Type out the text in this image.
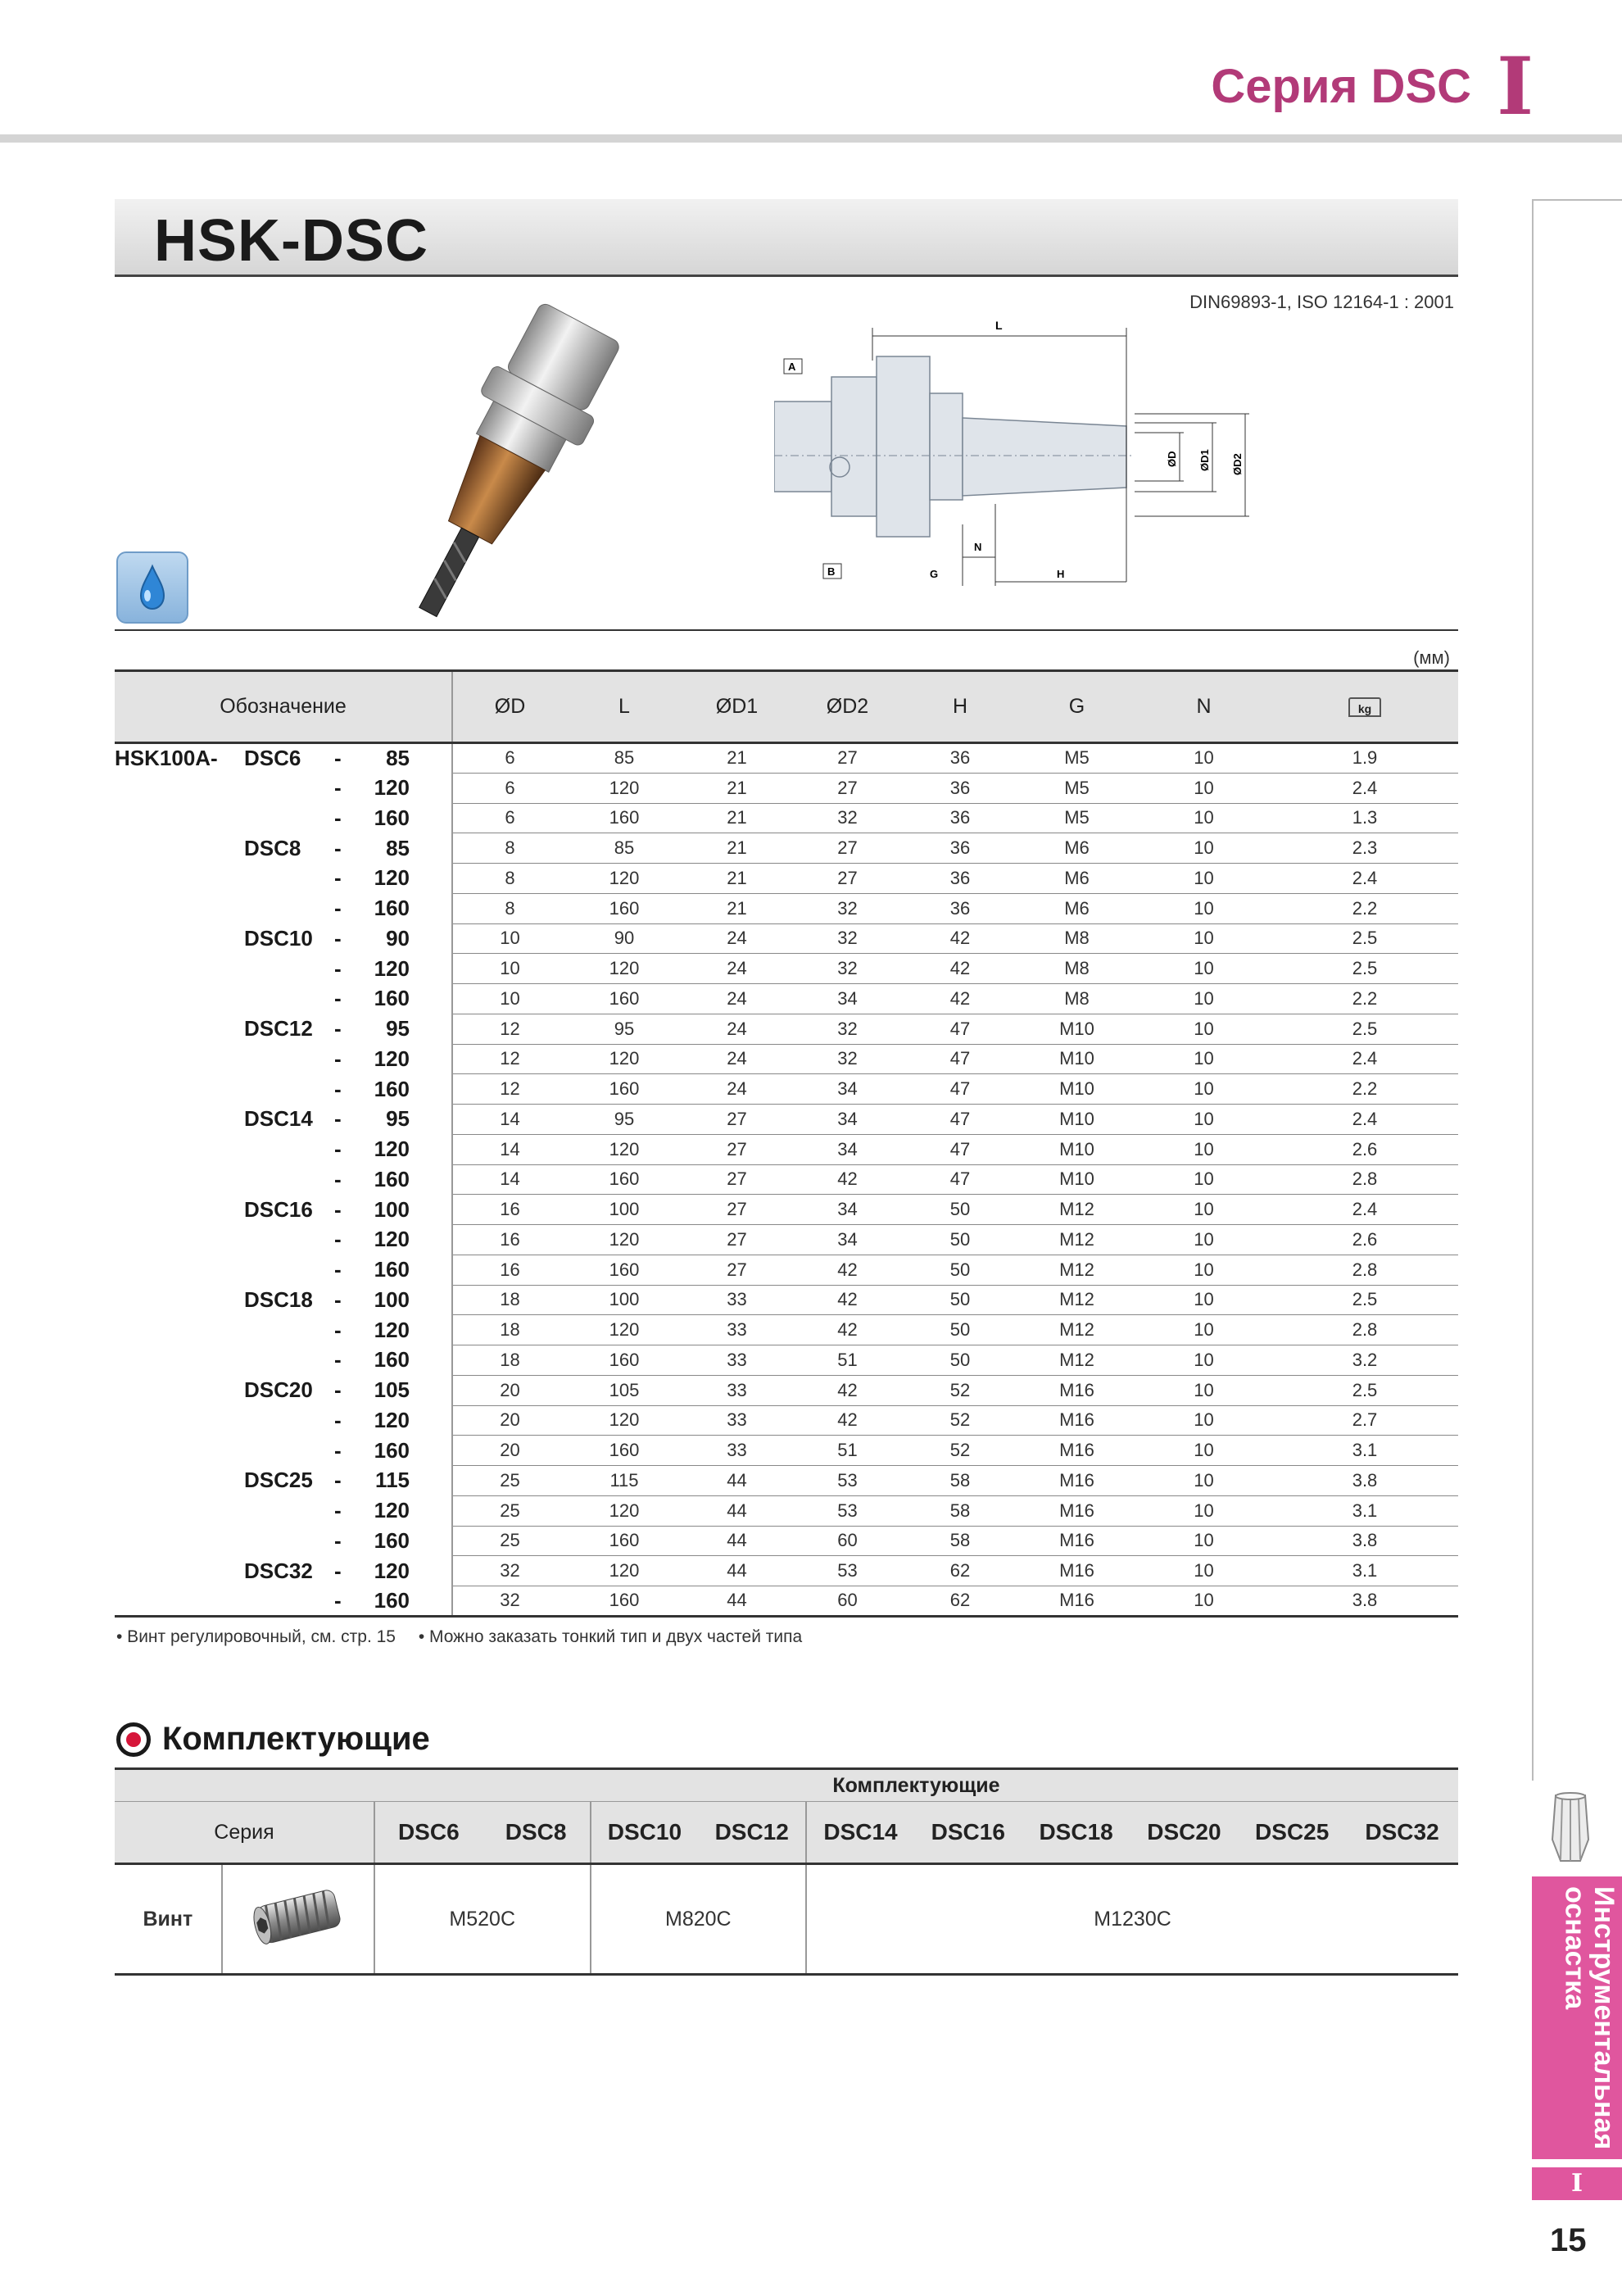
Серия DSC I
Инструментальная оснастка
I
15
HSK-DSC
DIN69893-1, ISO 12164-1 : 2001
L
A
B
N
G	H
ØD ØD1 ØD2
(мм)
Обозначение	ØD	L	ØD1	ØD2	H	G	N	kg

HSK100A- DSC6 - 85	6	85	21	27	36	M5	10	1.9

- 120	6	120	21	27	36	M5	10	2.4

- 160	6	160	21	32	36	M5	10	1.3

DSC8 - 85	8	85	21	27	36	M6	10	2.3

- 120	8	120	21	27	36	M6	10	2.4

- 160	8	160	21	32	36	M6	10	2.2

DSC10 - 90	10	90	24	32	42	M8	10	2.5

- 120	10	120	24	32	42	M8	10	2.5

- 160	10	160	24	34	42	M8	10	2.2

DSC12 - 95	12	95	24	32	47	M10	10	2.5

- 120	12	120	24	32	47	M10	10	2.4

- 160	12	160	24	34	47	M10	10	2.2

DSC14 - 95	14	95	27	34	47	M10	10	2.4

- 120	14	120	27	34	47	M10	10	2.6

- 160	14	160	27	42	47	M10	10	2.8

DSC16 - 100	16	100	27	34	50	M12	10	2.4

- 120	16	120	27	34	50	M12	10	2.6

- 160	16	160	27	42	50	M12	10	2.8

DSC18 - 100	18	100	33	42	50	M12	10	2.5

- 120	18	120	33	42	50	M12	10	2.8

- 160	18	160	33	51	50	M12	10	3.2

DSC20 - 105	20	105	33	42	52	M16	10	2.5

- 120	20	120	33	42	52	M16	10	2.7

- 160	20	160	33	51	52	M16	10	3.1

DSC25 - 115	25	115	44	53	58	M16	10	3.8

- 120	25	120	44	53	58	M16	10	3.1

- 160	25	160	44	60	58	M16	10	3.8

DSC32 - 120	32	120	44	53	62	M16	10	3.1

- 160	32	160	44	60	62	M16	10	3.8
• Винт регулировочный, см. стр. 15 • Можно заказать тонкий тип и двух частей типа
Комплектующие
		Комплектующие									
Серия		DSC6	DSC8	DSC10	DSC12	DSC14	DSC16	DSC18	DSC20	DSC25	DSC32
Винт		M520C		M820C		M1230C					
